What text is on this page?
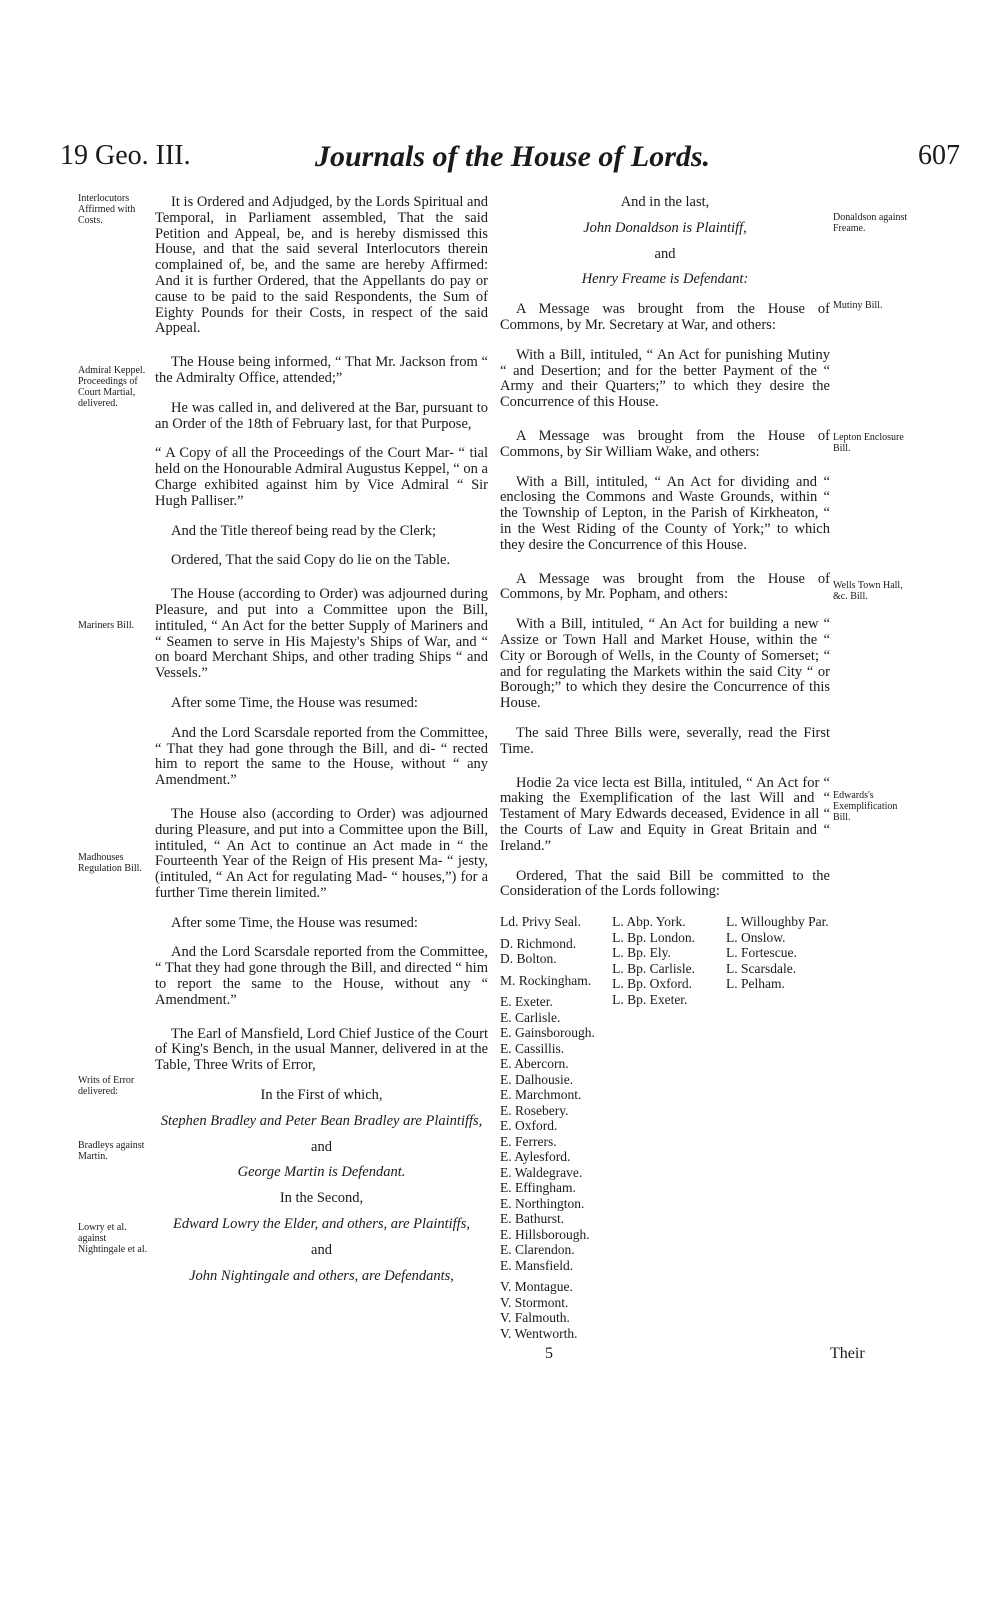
19 Geo. III.	Journals of the House of Lords.	607
Interlocutors Affirmed with Costs.
Admiral Keppel. Proceedings of Court Martial, delivered.
Mariners Bill.
Madhouses Regulation Bill.
Writs of Error delivered:
Bradleys against Martin.
Lowry et al. against Nightingale et al.
Donaldson against Freame.
Mutiny Bill.
Lepton Enclosure Bill.
Wells Town Hall, &c. Bill.
Edwards's Exemplification Bill.

It is Ordered and Adjudged, by the Lords Spiritual and Temporal, in Parliament assembled, That the said Petition and Appeal, be, and is hereby dismissed this House, and that the said several Interlocutors therein complained of, be, and the same are hereby Affirmed: And it is further Ordered, that the Appellants do pay or cause to be paid to the said Respondents, the Sum of Eighty Pounds for their Costs, in respect of the said Appeal.

The House being informed, “ That Mr. Jackson from “ the Admiralty Office, attended;”

He was called in, and delivered at the Bar, pursuant to an Order of the 18th of February last, for that Purpose,

“ A Copy of all the Proceedings of the Court Mar- “ tial held on the Honourable Admiral Augustus Keppel, “ on a Charge exhibited against him by Vice Admiral “ Sir Hugh Palliser.”

And the Title thereof being read by the Clerk;

Ordered, That the said Copy do lie on the Table.

The House (according to Order) was adjourned during Pleasure, and put into a Committee upon the Bill, intituled, “ An Act for the better Supply of Mariners and “ Seamen to serve in His Majesty's Ships of War, and “ on board Merchant Ships, and other trading Ships “ and Vessels.”

After some Time, the House was resumed:

And the Lord Scarsdale reported from the Committee, “ That they had gone through the Bill, and di- “ rected him to report the same to the House, without “ any Amendment.”

The House also (according to Order) was adjourned during Pleasure, and put into a Committee upon the Bill, intituled, “ An Act to continue an Act made in “ the Fourteenth Year of the Reign of His present Ma- “ jesty, (intituled, “ An Act for regulating Mad- “ houses,”) for a further Time therein limited.”

After some Time, the House was resumed:

And the Lord Scarsdale reported from the Committee, “ That they had gone through the Bill, and directed “ him to report the same to the House, without any “ Amendment.”

The Earl of Mansfield, Lord Chief Justice of the Court of King's Bench, in the usual Manner, delivered in at the Table, Three Writs of Error,

In the First of which,
Stephen Bradley and Peter Bean Bradley are Plaintiffs,
and
George Martin is Defendant.
In the Second,
Edward Lowry the Elder, and others, are Plaintiffs,
and
John Nightingale and others, are Defendants,
And in the last,
John Donaldson is Plaintiff,
and
Henry Freame is Defendant:

A Message was brought from the House of Commons, by Mr. Secretary at War, and others:

With a Bill, intituled, “ An Act for punishing Mutiny “ and Desertion; and for the better Payment of the “ Army and their Quarters;” to which they desire the Concurrence of this House.

A Message was brought from the House of Commons, by Sir William Wake, and others:

With a Bill, intituled, “ An Act for dividing and “ enclosing the Commons and Waste Grounds, within “ the Township of Lepton, in the Parish of Kirkheaton, “ in the West Riding of the County of York;” to which they desire the Concurrence of this House.

A Message was brought from the House of Commons, by Mr. Popham, and others:

With a Bill, intituled, “ An Act for building a new “ Assize or Town Hall and Market House, within the “ City or Borough of Wells, in the County of Somerset; “ and for regulating the Markets within the said City “ or Borough;” to which they desire the Concurrence of this House.

The said Three Bills were, severally, read the First Time.

Hodie 2a vice lecta est Billa, intituled, “ An Act for “ making the Exemplification of the last Will and “ Testament of Mary Edwards deceased, Evidence in all “ the Courts of Law and Equity in Great Britain and “ Ireland.”

Ordered, That the said Bill be committed to the Consideration of the Lords following:

Ld. Privy Seal.
D. Richmond.
D. Bolton.
M. Rockingham.
E. Exeter.
E. Carlisle.
E. Gainsborough.
E. Cassillis.
E. Abercorn.
E. Dalhousie.
E. Marchmont.
E. Rosebery.
E. Oxford.
E. Ferrers.
E. Aylesford.
E. Waldegrave.
E. Effingham.
E. Northington.
E. Bathurst.
E. Hillsborough.
E. Clarendon.
E. Mansfield.
V. Montague.
V. Stormont.
V. Falmouth.
V. Wentworth.
L. Abp. York.
L. Bp. London.
L. Bp. Ely.
L. Bp. Carlisle.
L. Bp. Oxford.
L. Bp. Exeter.
L. Willoughby Par.
L. Onslow.
L. Fortescue.
L. Scarsdale.
L. Pelham.
5	Their
